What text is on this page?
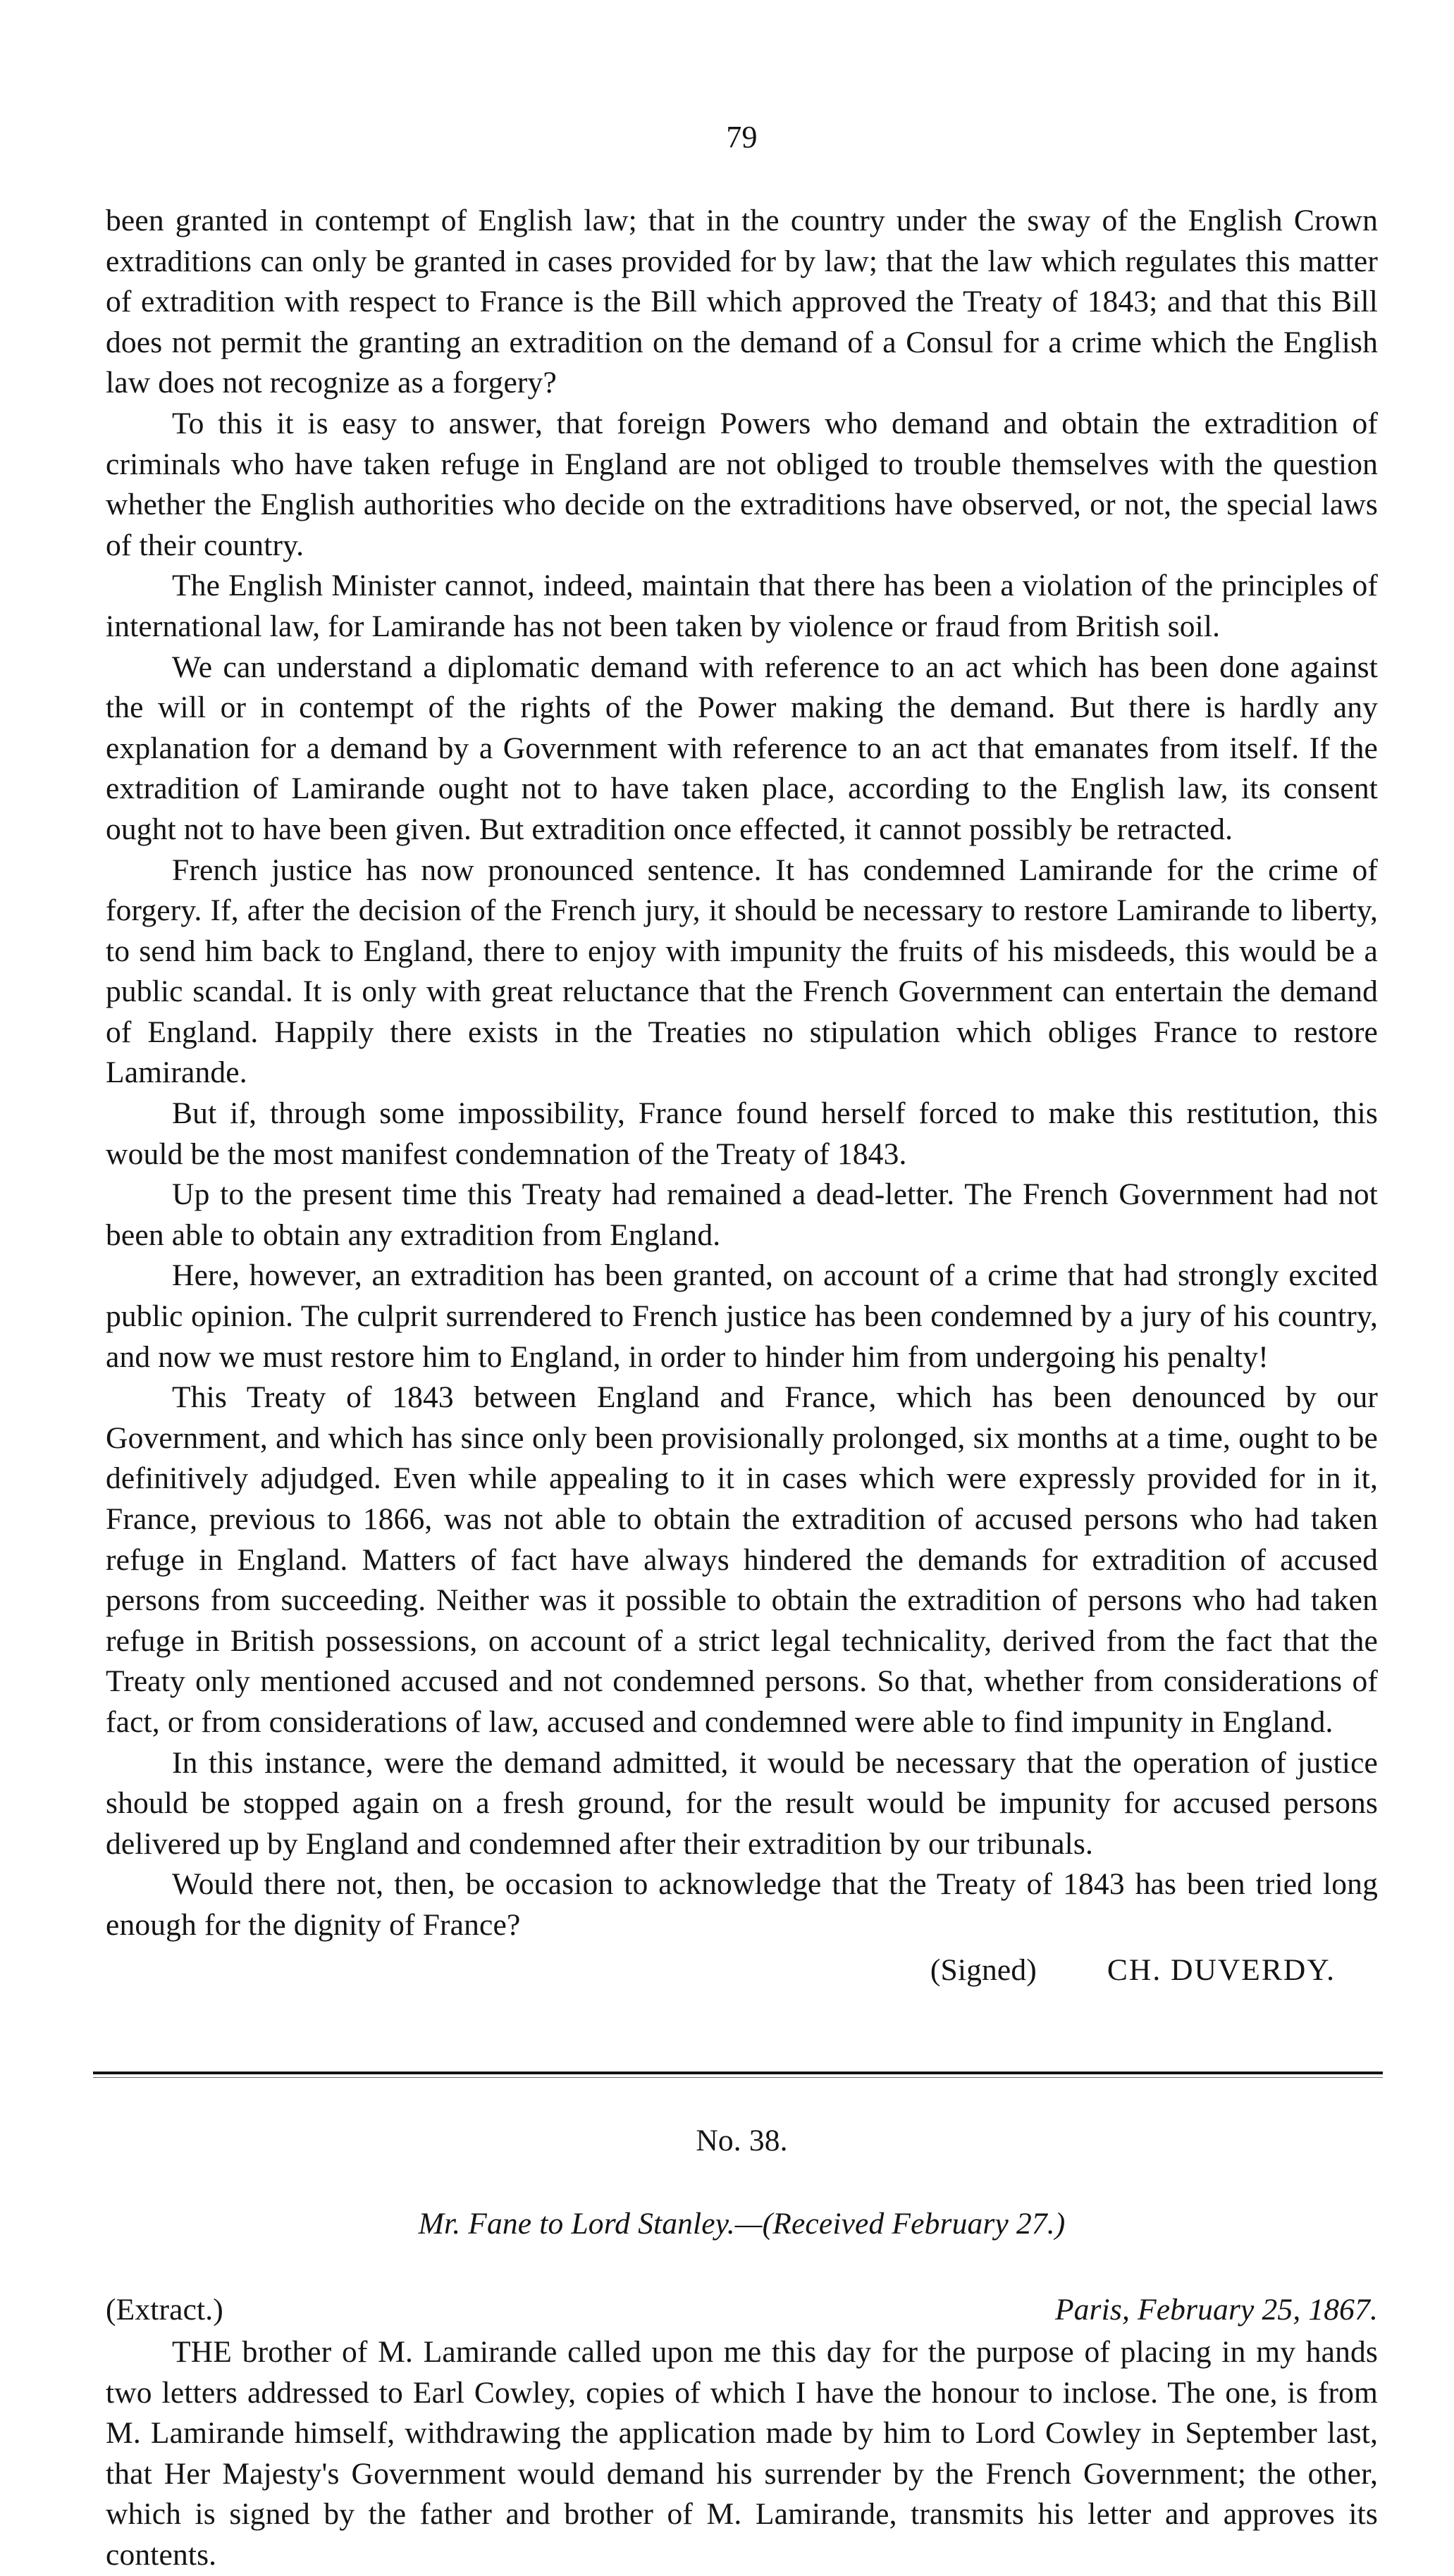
79

been granted in contempt of English law; that in the country under the sway of the English Crown extraditions can only be granted in cases provided for by law; that the law which regulates this matter of extradition with respect to France is the Bill which approved the Treaty of 1843; and that this Bill does not permit the granting an extradition on the demand of a Consul for a crime which the English law does not recognize as a forgery?

To this it is easy to answer, that foreign Powers who demand and obtain the extradition of criminals who have taken refuge in England are not obliged to trouble themselves with the question whether the English authorities who decide on the extraditions have observed, or not, the special laws of their country.

The English Minister cannot, indeed, maintain that there has been a violation of the principles of international law, for Lamirande has not been taken by violence or fraud from British soil.

We can understand a diplomatic demand with reference to an act which has been done against the will or in contempt of the rights of the Power making the demand. But there is hardly any explanation for a demand by a Government with reference to an act that emanates from itself. If the extradition of Lamirande ought not to have taken place, according to the English law, its consent ought not to have been given. But extradition once effected, it cannot possibly be retracted.

French justice has now pronounced sentence. It has condemned Lamirande for the crime of forgery. If, after the decision of the French jury, it should be necessary to restore Lamirande to liberty, to send him back to England, there to enjoy with impunity the fruits of his misdeeds, this would be a public scandal. It is only with great reluctance that the French Government can entertain the demand of England. Happily there exists in the Treaties no stipulation which obliges France to restore Lamirande.

But if, through some impossibility, France found herself forced to make this restitution, this would be the most manifest condemnation of the Treaty of 1843.

Up to the present time this Treaty had remained a dead-letter. The French Government had not been able to obtain any extradition from England.

Here, however, an extradition has been granted, on account of a crime that had strongly excited public opinion. The culprit surrendered to French justice has been condemned by a jury of his country, and now we must restore him to England, in order to hinder him from undergoing his penalty!

This Treaty of 1843 between England and France, which has been denounced by our Government, and which has since only been provisionally prolonged, six months at a time, ought to be definitively adjudged. Even while appealing to it in cases which were expressly provided for in it, France, previous to 1866, was not able to obtain the extradition of accused persons who had taken refuge in England. Matters of fact have always hindered the demands for extradition of accused persons from succeeding. Neither was it possible to obtain the extradition of persons who had taken refuge in British possessions, on account of a strict legal technicality, derived from the fact that the Treaty only mentioned accused and not condemned persons. So that, whether from considerations of fact, or from considerations of law, accused and condemned were able to find impunity in England.

In this instance, were the demand admitted, it would be necessary that the operation of justice should be stopped again on a fresh ground, for the result would be impunity for accused persons delivered up by England and condemned after their extradition by our tribunals.

Would there not, then, be occasion to acknowledge that the Treaty of 1843 has been tried long enough for the dignity of France?

(Signed) CH. DUVERDY.
No. 38.
Mr. Fane to Lord Stanley.—(Received February 27.)
(Extract.)	Paris, February 25, 1867.

THE brother of M. Lamirande called upon me this day for the purpose of placing in my hands two letters addressed to Earl Cowley, copies of which I have the honour to inclose. The one, is from M. Lamirande himself, withdrawing the application made by him to Lord Cowley in September last, that Her Majesty's Government would demand his surrender by the French Government; the other, which is signed by the father and brother of M. Lamirande, transmits his letter and approves its contents.
